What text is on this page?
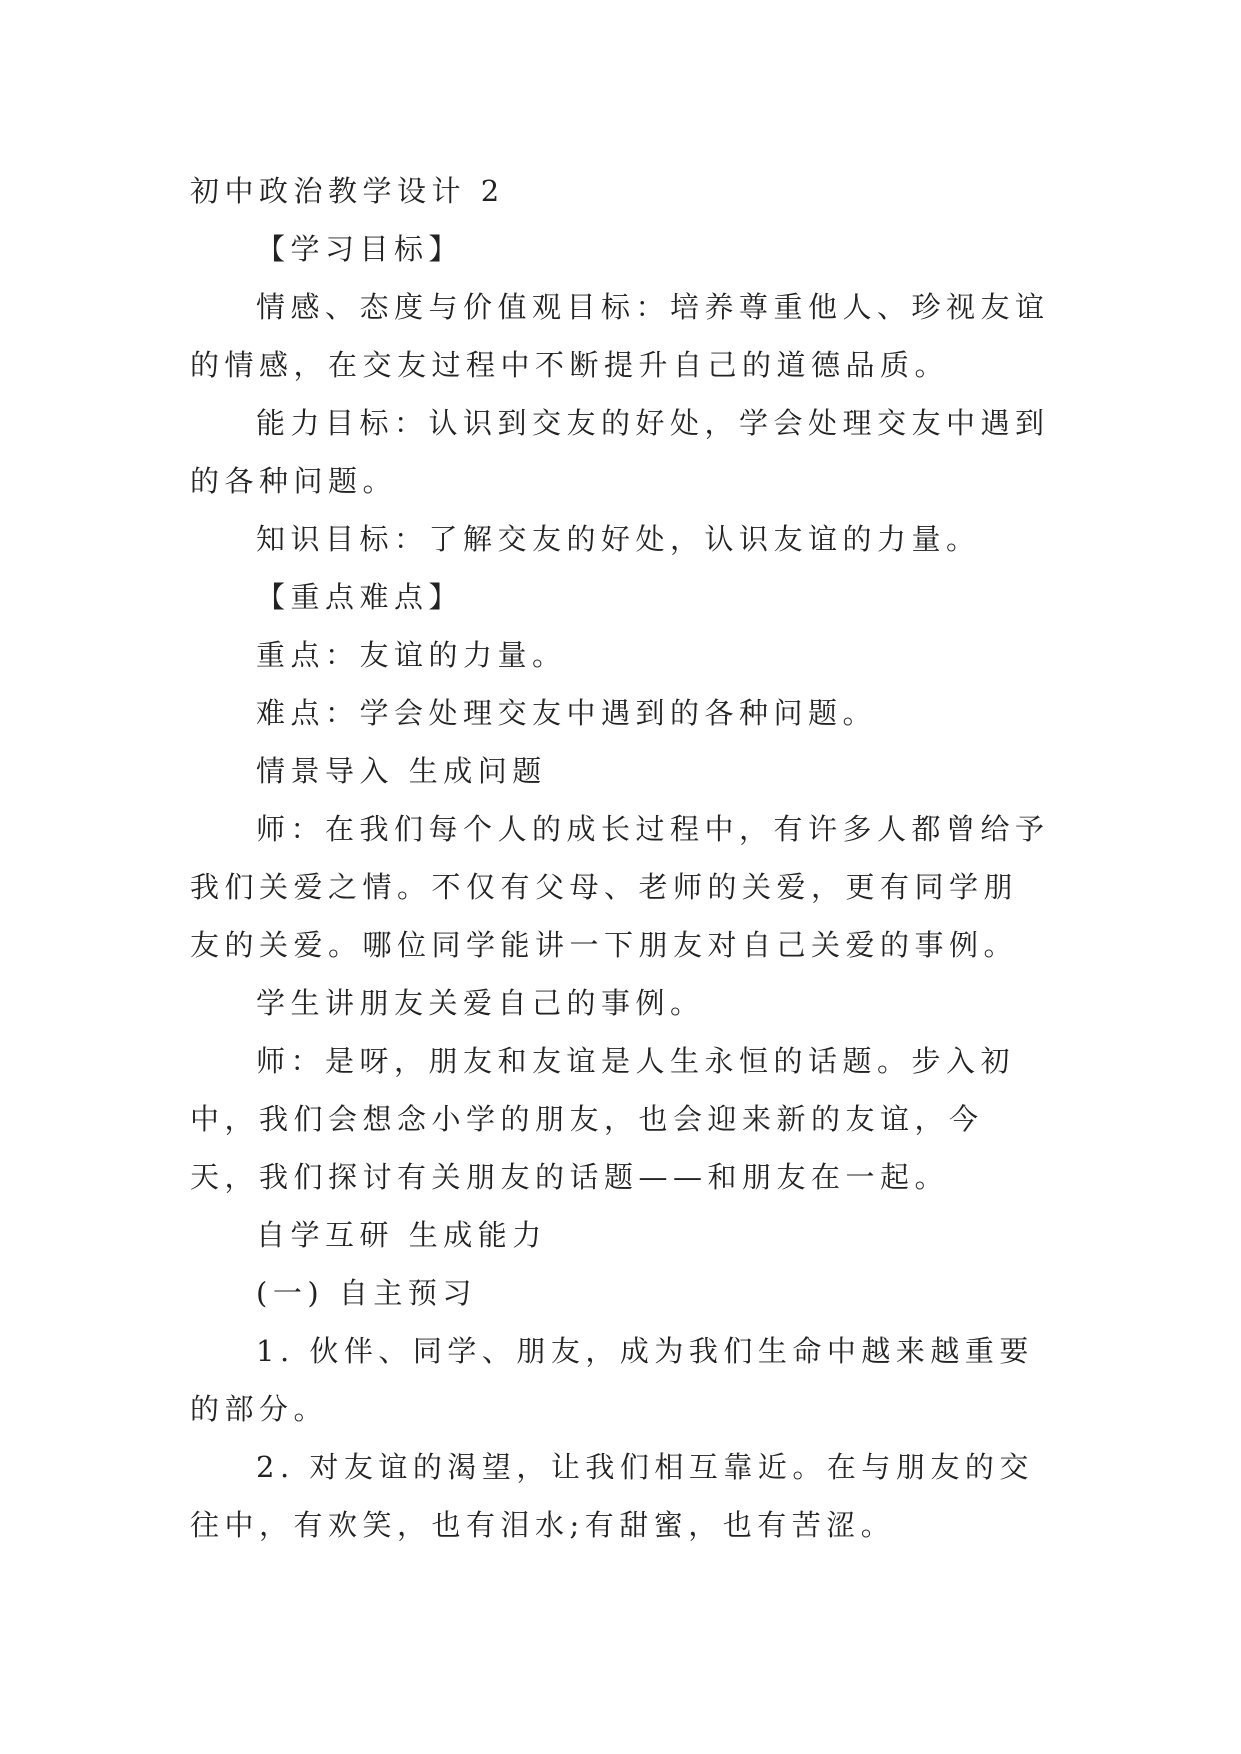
初中政治教学设计 2

【学习目标】

情感、态度与价值观目标：培养尊重他人、珍视友谊的情感，在交友过程中不断提升自己的道德品质。

能力目标：认识到交友的好处，学会处理交友中遇到的各种问题。

知识目标：了解交友的好处，认识友谊的力量。

【重点难点】

重点：友谊的力量。

难点：学会处理交友中遇到的各种问题。

情景导入 生成问题

师：在我们每个人的成长过程中，有许多人都曾给予我们关爱之情。不仅有父母、老师的关爱，更有同学朋友的关爱。哪位同学能讲一下朋友对自己关爱的事例。

学生讲朋友关爱自己的事例。

师：是呀，朋友和友谊是人生永恒的话题。步入初中，我们会想念小学的朋友，也会迎来新的友谊，今天，我们探讨有关朋友的话题——和朋友在一起。

自学互研 生成能力

(一) 自主预习

1. 伙伴、同学、朋友，成为我们生命中越来越重要的部分。

2. 对友谊的渴望，让我们相互靠近。在与朋友的交往中，有欢笑，也有泪水;有甜蜜，也有苦涩。
